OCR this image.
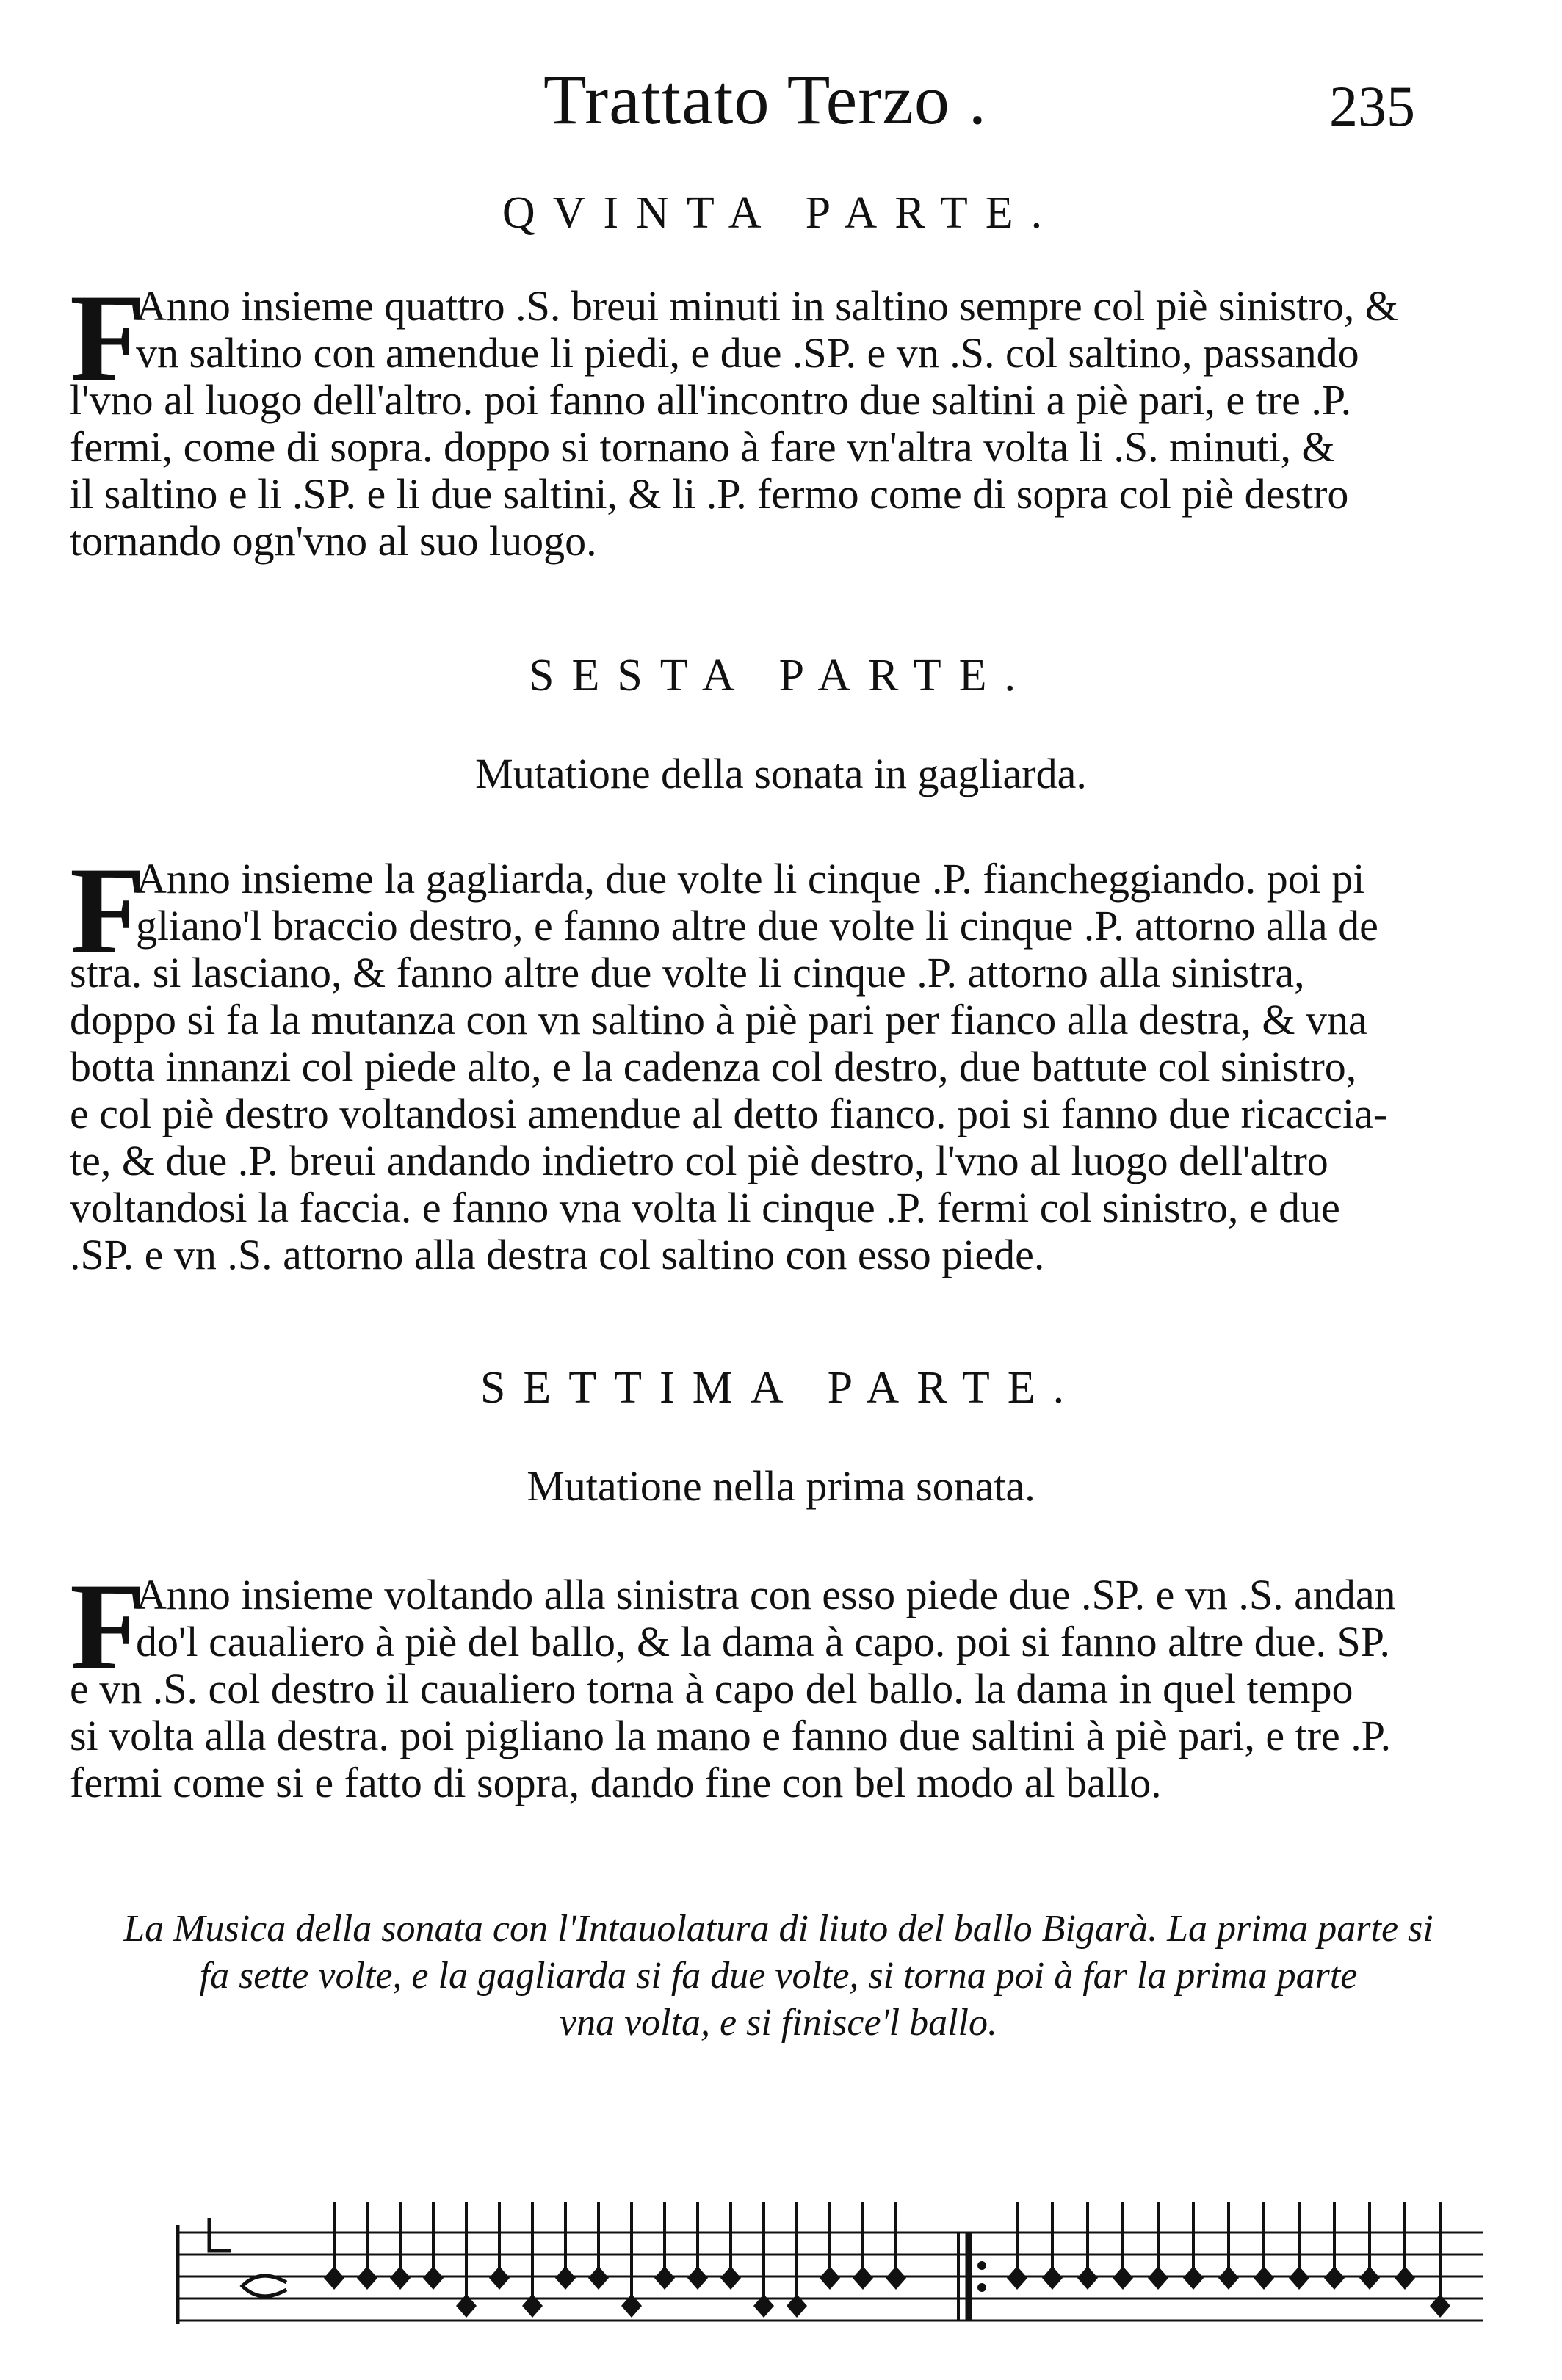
Trattato Terzo .	235
QVINTA PARTE.
F
Anno insieme quattro .S. breui minuti in saltino sempre col piè sinistro, &
vn saltino con amendue li piedi, e due .SP. e vn .S. col saltino, passando
l'vno al luogo dell'altro. poi fanno all'incontro due saltini a piè pari, e tre .P.
fermi, come di sopra. doppo si tornano à fare vn'altra volta li .S. minuti, &
il saltino e li .SP. e li due saltini, & li .P. fermo come di sopra col piè destro
tornando ogn'vno al suo luogo.
SESTA PARTE.
Mutatione della sonata in gagliarda.
F
Anno insieme la gagliarda, due volte li cinque .P. fiancheggiando. poi pi
gliano'l braccio destro, e fanno altre due volte li cinque .P. attorno alla de
stra. si lasciano, & fanno altre due volte li cinque .P. attorno alla sinistra,
doppo si fa la mutanza con vn saltino à piè pari per fianco alla destra, & vna
botta innanzi col piede alto, e la cadenza col destro, due battute col sinistro,
e col piè destro voltandosi amendue al detto fianco. poi si fanno due ricaccia-
te, & due .P. breui andando indietro col piè destro, l'vno al luogo dell'altro
voltandosi la faccia. e fanno vna volta li cinque .P. fermi col sinistro, e due
.SP. e vn .S. attorno alla destra col saltino con esso piede.
SETTIMA PARTE.
Mutatione nella prima sonata.
F
Anno insieme voltando alla sinistra con esso piede due .SP. e vn .S. andan
do'l caualiero à piè del ballo, & la dama à capo. poi si fanno altre due. SP.
e vn .S. col destro il caualiero torna à capo del ballo. la dama in quel tempo
si volta alla destra. poi pigliano la mano e fanno due saltini à piè pari, e tre .P.
fermi come si e fatto di sopra, dando fine con bel modo al ballo.
La Musica della sonata con l'Intauolatura di liuto del ballo Bigarà. La prima parte si
fa sette volte, e la gagliarda si fa due volte, si torna poi à far la prima parte
vna volta, e si finisce'l ballo.
